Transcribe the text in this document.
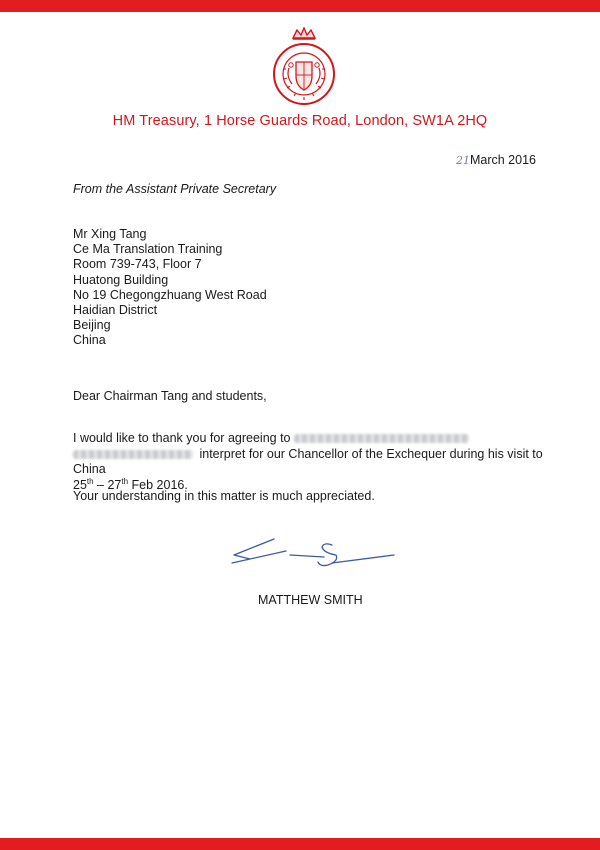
HM Treasury, 1 Horse Guards Road, London, SW1A 2HQ
21March 2016
From the Assistant Private Secretary
Mr Xing Tang
Ce Ma Translation Training
Room 739-743, Floor 7
Huatong Building
No 19 Chegongzhuang West Road
Haidian District
Beijing
China
Dear Chairman Tang and students,
I would like to thank you for agreeing to
interpret for our Chancellor of the Exchequer during his visit to China
25th – 27th Feb 2016.
Your understanding in this matter is much appreciated.
MATTHEW SMITH
